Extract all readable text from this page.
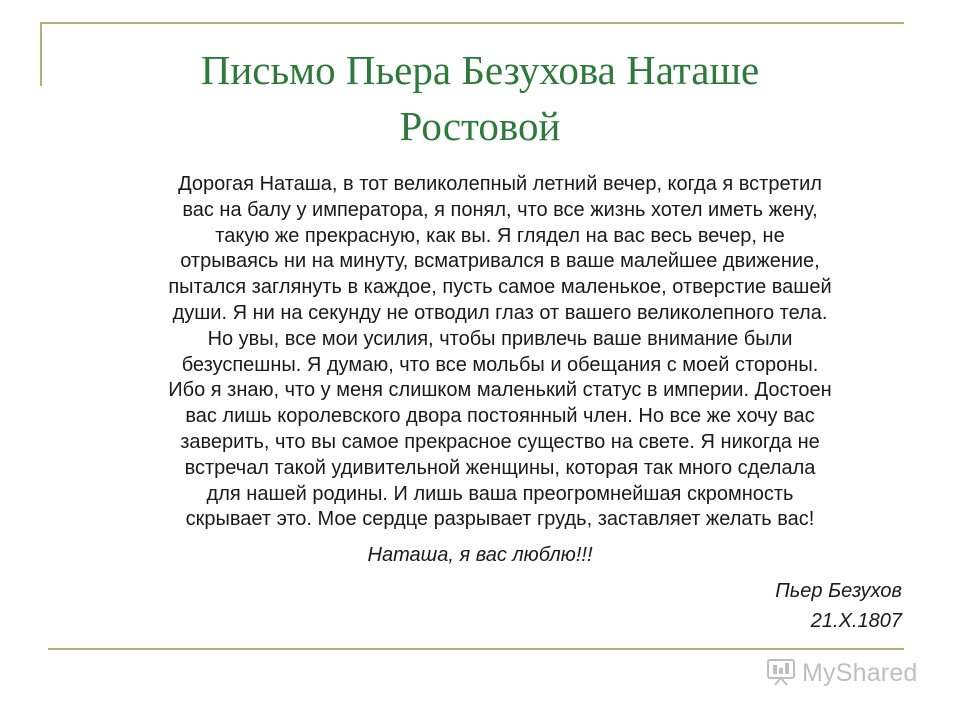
Письмо Пьера Безухова Наташе
Ростовой
Дорогая Наташа, в тот великолепный летний вечер, когда я встретил
вас на балу у императора, я понял, что все жизнь хотел иметь жену,
такую же прекрасную, как вы. Я глядел на вас весь вечер, не
отрываясь ни на минуту, всматривался в ваше малейшее движение,
пытался заглянуть в каждое, пусть самое маленькое, отверстие вашей
души. Я ни на секунду не отводил глаз от вашего великолепного тела.
Но увы, все мои усилия, чтобы привлечь ваше внимание были
безуспешны. Я думаю, что все мольбы и обещания с моей стороны.
Ибо я знаю, что у меня слишком маленький статус в империи. Достоен
вас лишь королевского двора постоянный член. Но все же хочу вас
заверить, что вы самое прекрасное существо на свете. Я никогда не
встречал такой удивительной женщины, которая так много сделала
для нашей родины. И лишь ваша преогромнейшая скромность
скрывает это. Мое сердце разрывает грудь, заставляет желать вас!
Наташа, я вас люблю!!!
Пьер Безухов
21.X.1807
MyShared
